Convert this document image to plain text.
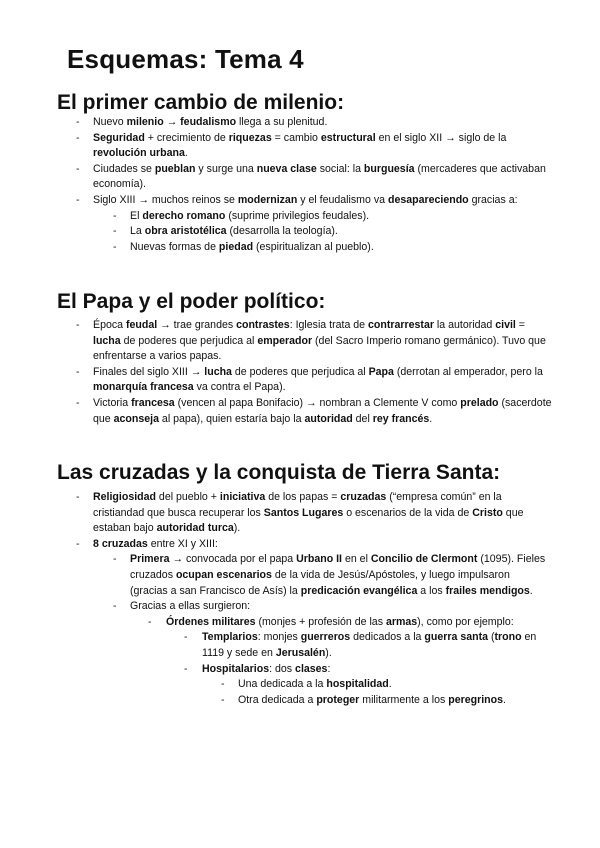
Esquemas: Tema 4
El primer cambio de milenio:
- Nuevo milenio → feudalismo llega a su plenitud.
- Seguridad + crecimiento de riquezas = cambio estructural en el siglo XII → siglo de la revolución urbana.
- Ciudades se pueblan y surge una nueva clase social: la burguesía (mercaderes que activaban economía).
- Siglo XIII → muchos reinos se modernizan y el feudalismo va desapareciendo gracias a:
- El derecho romano (suprime privilegios feudales).
- La obra aristotélica (desarrolla la teología).
- Nuevas formas de piedad (espiritualizan al pueblo).
El Papa y el poder político:
- Época feudal → trae grandes contrastes: Iglesia trata de contrarrestar la autoridad civil = lucha de poderes que perjudica al emperador (del Sacro Imperio romano germánico). Tuvo que enfrentarse a varios papas.
- Finales del siglo XIII → lucha de poderes que perjudica al Papa (derrotan al emperador, pero la monarquía francesa va contra el Papa).
- Victoria francesa (vencen al papa Bonifacio) → nombran a Clemente V como prelado (sacerdote que aconseja al papa), quien estaría bajo la autoridad del rey francés.
Las cruzadas y la conquista de Tierra Santa:
- Religiosidad del pueblo + iniciativa de los papas = cruzadas (“empresa común” en la cristiandad que busca recuperar los Santos Lugares o escenarios de la vida de Cristo que estaban bajo autoridad turca).
- 8 cruzadas entre XI y XIII:
- Primera → convocada por el papa Urbano II en el Concilio de Clermont (1095). Fieles cruzados ocupan escenarios de la vida de Jesús/Apóstoles, y luego impulsaron (gracias a san Francisco de Asís) la predicación evangélica a los frailes mendigos.
- Gracias a ellas surgieron:
- Órdenes militares (monjes + profesión de las armas), como por ejemplo:
- Templarios: monjes guerreros dedicados a la guerra santa (trono en 1119 y sede en Jerusalén).
- Hospitalarios: dos clases:
- Una dedicada a la hospitalidad.
- Otra dedicada a proteger militarmente a los peregrinos.
